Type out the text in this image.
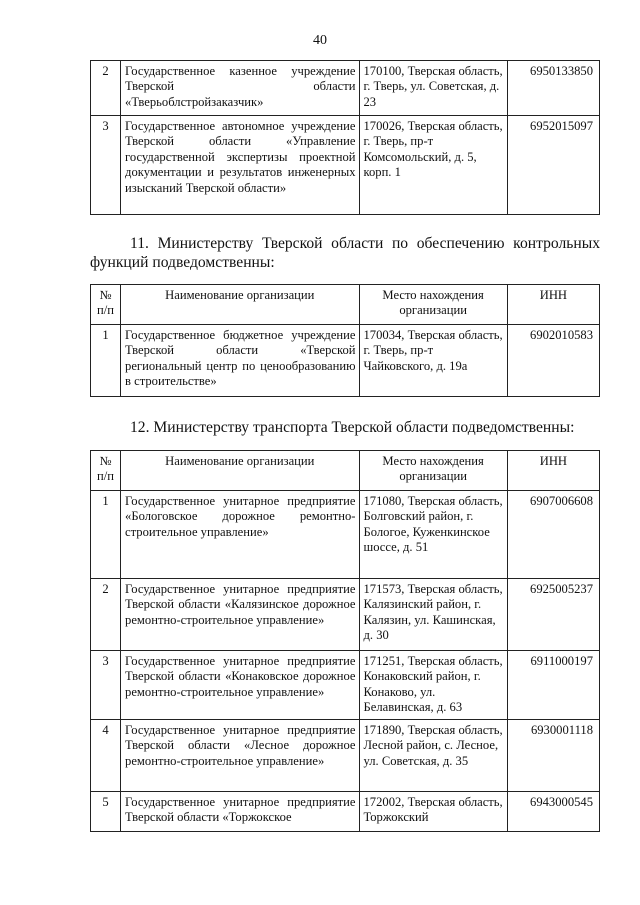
40
2	Государственное казенное учреждение Тверской области «Тверьоблстройзаказчик»	170100, Тверская область, г. Тверь, ул. Советская, д. 23	6950133850
3	Государственное автономное учреждение Тверской области «Управление государственной экспертизы проектной документации и результатов инженерных изысканий Тверской области»	170026, Тверская область, г. Тверь, пр-т Комсомольский, д. 5, корп. 1	6952015097
11. Министерству Тверской области по обеспечению контрольных функций подведомственны:
№ п/п	Наименование организации	Место нахождения организации	ИНН
1	Государственное бюджетное учреждение Тверской области «Тверской региональный центр по ценообразованию в строительстве»	170034, Тверская область, г. Тверь, пр-т Чайковского, д. 19а	6902010583
12. Министерству транспорта Тверской области подведомственны:
№ п/п	Наименование организации	Место нахождения организации	ИНН
1	Государственное унитарное предприятие «Бологовское дорожное ремонтно-строительное управление»	171080, Тверская область, Болговский район, г. Бологое, Куженкинское шоссе, д. 51	6907006608
2	Государственное унитарное предприятие Тверской области «Калязинское дорожное ремонтно-строительное управление»	171573, Тверская область, Калязинский район, г. Калязин, ул. Кашинская, д. 30	6925005237
3	Государственное унитарное предприятие Тверской области «Конаковское дорожное ремонтно-строительное управление»	171251, Тверская область, Конаковский район, г. Конаково, ул. Белавинская, д. 63	6911000197
4	Государственное унитарное предприятие Тверской области «Лесное дорожное ремонтно-строительное управление»	171890, Тверская область, Лесной район, с. Лесное, ул. Советская, д. 35	6930001118
5	Государственное унитарное предприятие Тверской области «Торжокское	172002, Тверская область, Торжокский	6943000545
